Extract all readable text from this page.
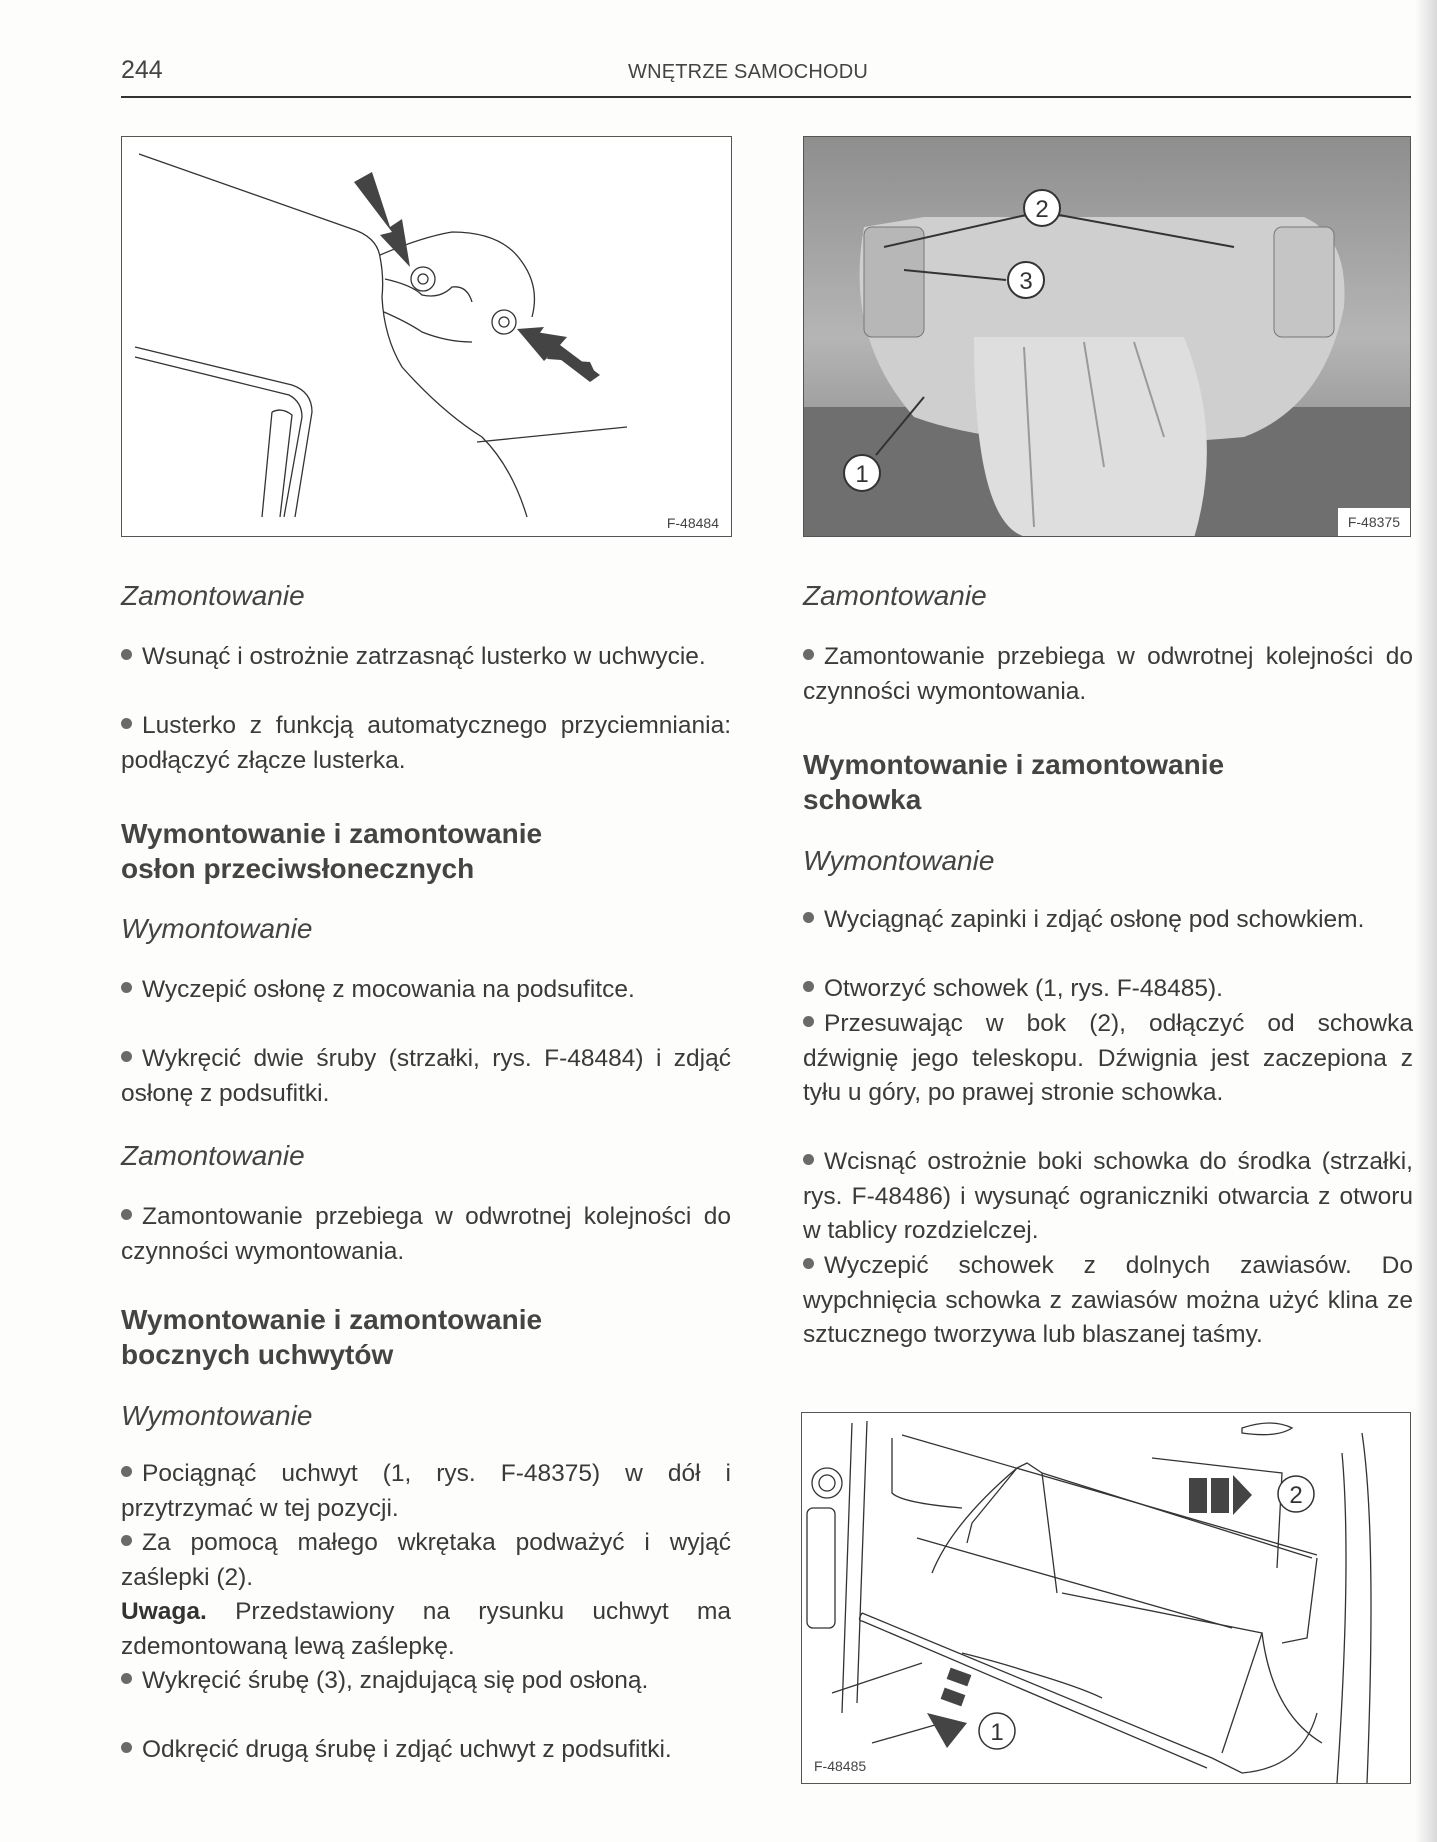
244	WNĘTRZE SAMOCHODU
F-48484
2
3
1
F-48375
Zamontowanie

Wsunąć i ostrożnie zatrzasnąć lusterko w uchwycie.

Lusterko z funkcją automatycznego przyciemniania: podłączyć złącze lusterka.

Wymontowanie i zamontowanie
osłon przeciwsłonecznych
Wymontowanie

Wyczepić osłonę z mocowania na podsufitce.

Wykręcić dwie śruby (strzałki, rys. F-48484) i zdjąć osłonę z podsufitki.

Zamontowanie

Zamontowanie przebiega w odwrotnej kolejności do czynności wymontowania.

Wymontowanie i zamontowanie
bocznych uchwytów
Wymontowanie

Pociągnąć uchwyt (1, rys. F-48375) w dół i przytrzymać w tej pozycji.

Za pomocą małego wkrętaka podważyć i wyjąć zaślepki (2).

Uwaga. Przedstawiony na rysunku uchwyt ma zdemontowaną lewą zaślepkę.

Wykręcić śrubę (3), znajdującą się pod osłoną.

Odkręcić drugą śrubę i zdjąć uchwyt z podsufitki.

Zamontowanie

Zamontowanie przebiega w odwrotnej kolejności do czynności wymontowania.

Wymontowanie i zamontowanie
schowka
Wymontowanie

Wyciągnąć zapinki i zdjąć osłonę pod schowkiem.

Otworzyć schowek (1, rys. F-48485).

Przesuwając w bok (2), odłączyć od schowka dźwignię jego teleskopu. Dźwignia jest zaczepiona z tyłu u góry, po prawej stronie schowka.

Wcisnąć ostrożnie boki schowka do środka (strzałki, rys. F-48486) i wysunąć ograniczniki otwarcia z otworu w tablicy rozdzielczej.

Wyczepić schowek z dolnych zawiasów. Do wypchnięcia schowka z zawiasów można użyć klina ze sztucznego tworzywa lub blaszanej taśmy.

2
1
F-48485
